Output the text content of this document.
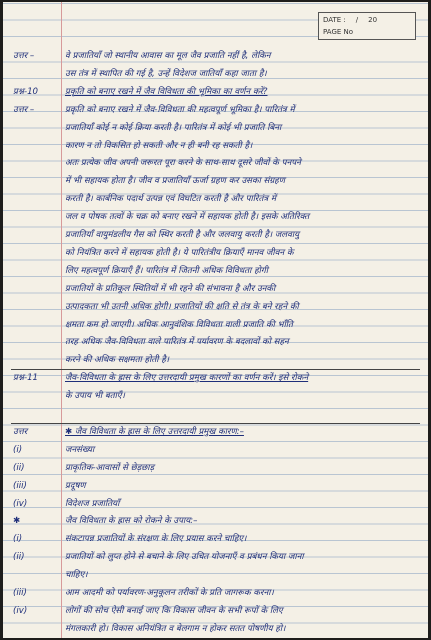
DATE : / 20
PAGE No
उत्तर –	वे प्रजातियाँ जो स्थानीय आवास का मूल जैव प्रजाति नहीं है, लेकिन
उस तंत्र में स्थापित की गई है, उन्हें विदेशज जातियाँ कहा जाता है।
प्रश्न-10	प्रकृति को बनाए रखने में जैव विविधता की भूमिका का वर्णन करें?
उत्तर –	प्रकृति को बनाए रखने में जैव-विविधता की महत्वपूर्ण भूमिका है। पारितंत्र में
प्रजातियाँ कोई न कोई क्रिया करती है। पारितंत्र में कोई भी प्रजाति बिना
कारण न तो विकसित हो सकती और न ही बनी रह सकती है।
अतः प्रत्येक जीव अपनी जरूरत पूरा करने के साथ-साथ दूसरे जीवों के पनपने
में भी सहायक होता है। जीव व प्रजातियाँ ऊर्जा ग्रहण कर उसका संग्रहण
करती है। कार्बनिक पदार्थ उत्पन्न एवं विघटित करती है और पारितंत्र में
जल व पोषक तत्वों के चक्र को बनाए रखने में सहायक होती है। इसके अतिरिक्त
प्रजातियाँ वायुमंडलीय गैस को स्थिर करती है और जलवायु करती है। जलवायु
को नियंत्रित करने में सहायक होती है। ये पारितंत्रीय क्रियाएँ मानव जीवन के
लिए महत्वपूर्ण क्रियाएँ हैं। पारितंत्र में जितनी अधिक विविधता होगी
प्रजातियों के प्रतिकूल स्थितियों में भी रहने की संभावना है और उनकी
उत्पादकता भी उतनी अधिक होगी। प्रजातियों की क्षति से तंत्र के बने रहने की
क्षमता कम हो जाएगी। अधिक आनुवंशिक विविधता वाली प्रजाति की भाँति
तरह अधिक जैव-विविधता वाले पारितंत्र में पर्यावरण के बदलावों को सहन
करने की अधिक सक्षमता होती है।
प्रश्न-11	जैव-विविधता के ह्रास के लिए उत्तरदायी प्रमुख कारणों का वर्णन करें। इसे रोकने
के उपाय भी बताएँ।
उत्तर	✱ जैव विविधता के ह्रास के लिए उत्तरदायी प्रमुख कारण:–
(i)	जनसंख्या
(ii)	प्राकृतिक-आवासों से छेड़छाड़
(iii)	प्रदूषण
(iv)	विदेशज प्रजातियाँ
✱	जैव विविधता के ह्रास को रोकने के उपाय:–
(i)	संकटापन्न प्रजातियों के संरक्षण के लिए प्रयास करने चाहिए।
(ii)	प्रजातियों को लुप्त होने से बचाने के लिए उचित योजनाएँ व प्रबंधन किया जाना
चाहिए।
(iii)	आम आदमी को पर्यावरण-अनुकूलन तरीकों के प्रति जागरूक करना।
(iv)	लोगों की सोच ऐसी बनाई जाए कि विकास जीवन के सभी रूपों के लिए
मंगलकारी हो। विकास अनियंत्रित व बेलगाम न होकर सतत पोषणीय हो।
